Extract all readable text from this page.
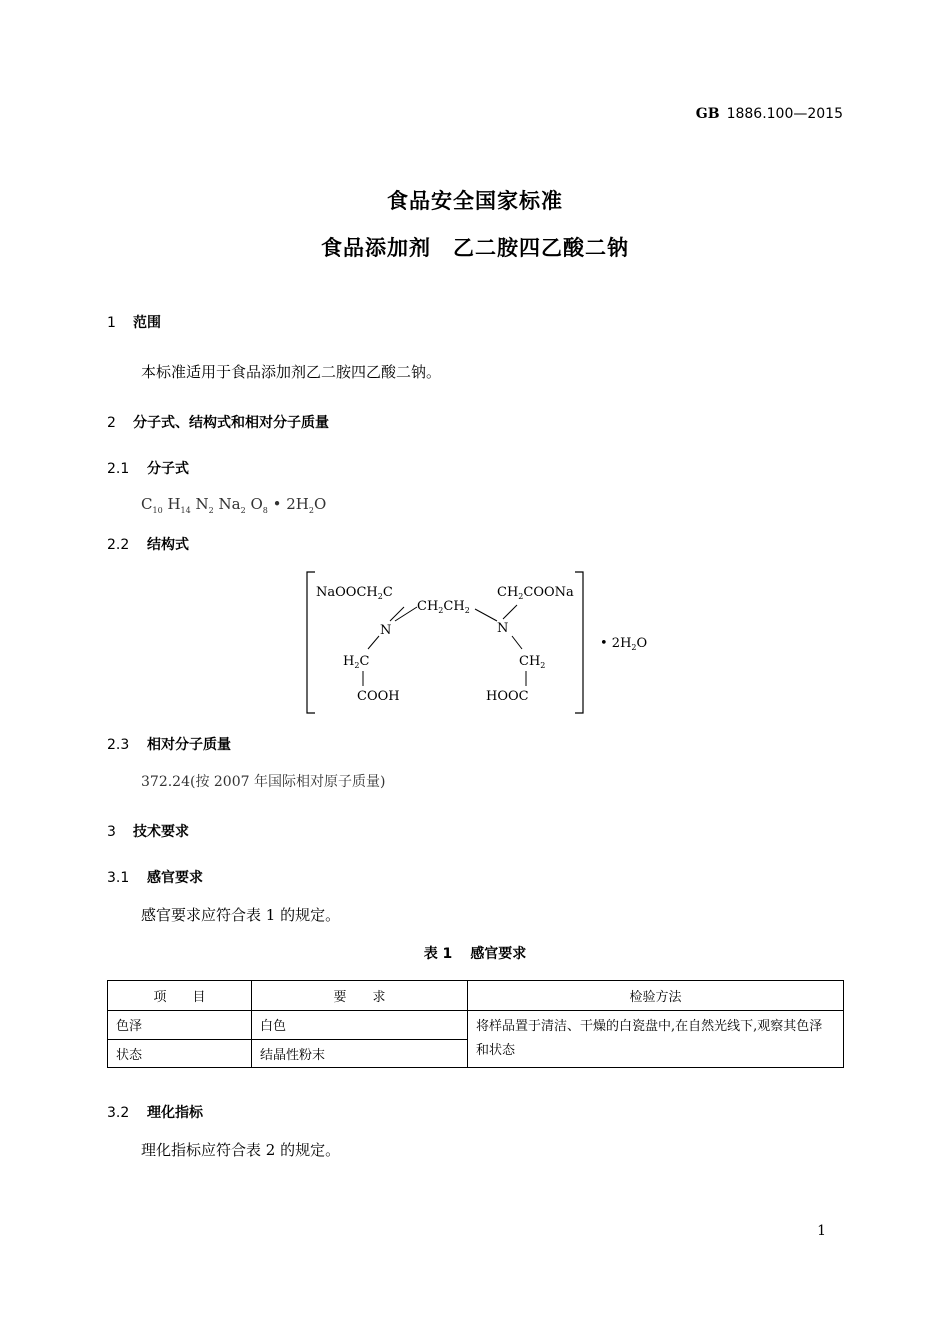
GB 1886.100—2015
食品安全国家标准
食品添加剂　乙二胺四乙酸二钠
1 范围
本标准适用于食品添加剂乙二胺四乙酸二钠。
2 分子式、结构式和相对分子质量
2.1 分子式
$C_{10}$ $H_{14}$ $N_2$ $Na_2$ $O_8$ • $2H_2O$
2.2 结构式
NaOOCH$_2$C
$CH_2CH_2$
$CH_2COONa$
N	N
$H_2C$	$CH_2$
COOH	HOOC
• $2H_2O$
2.3 相对分子质量
372.24(按 2007 年国际相对原子质量)
3 技术要求
3.1 感官要求
感官要求应符合表 1 的规定。
表 1 感官要求
项　　目	要　　求	检验方法
色泽	白色	将样品置于清洁、干燥的白瓷盘中,在自然光线下,观察其色泽和状态
状态	结晶性粉末	
3.2 理化指标
理化指标应符合表 2 的规定。
1
